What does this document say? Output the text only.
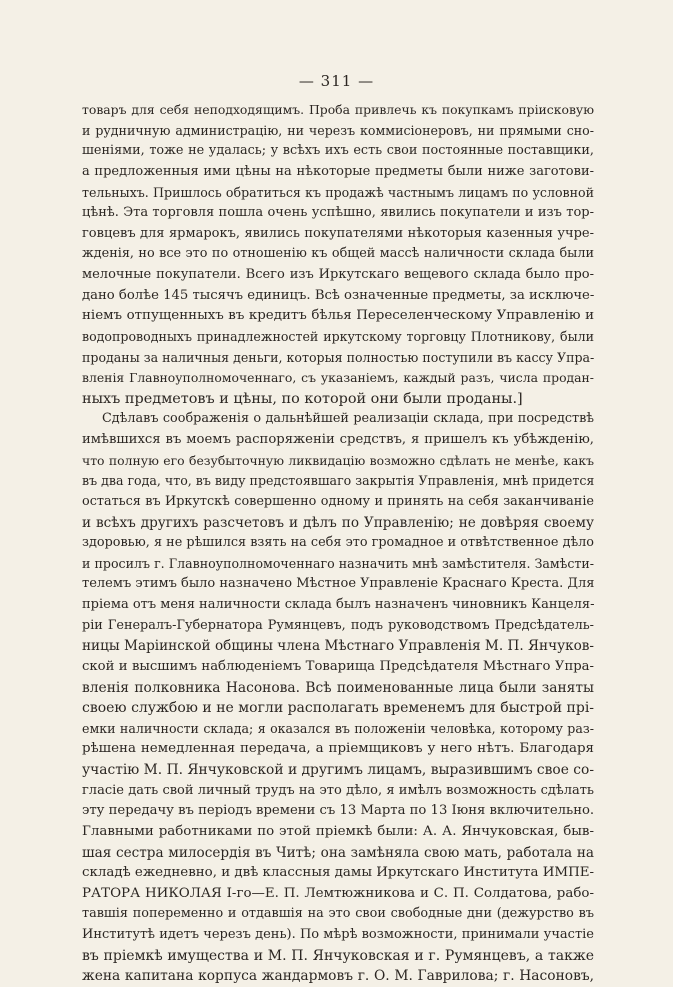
— 311 —
товаръ для себя неподходящимъ. Проба привлечь къ покупкамъ прiисковую
и рудничную администрацiю, ни черезъ коммисiонеровъ, ни прямыми сно-
шенiями, тоже не удалась; у всѣхъ ихъ есть свои постоянные поставщики,
а предложенныя ими цѣны на нѣкоторые предметы были ниже заготови-
тельныхъ. Пришлось обратиться къ продажѣ частнымъ лицамъ по условной
цѣнѣ. Эта торговля пошла очень успѣшно, явились покупатели и изъ тор-
говцевъ для ярмарокъ, явились покупателями нѣкоторыя казенныя учре-
жденiя, но все это по отношенiю къ общей массѣ наличности склада были
мелочные покупатели. Всего изъ Иркутскаго вещевого склада было про-
дано болѣе 145 тысячъ единицъ. Всѣ означенные предметы, за исключе-
нiемъ отпущенныхъ въ кредитъ бѣлья Переселенческому Управленiю и
водопроводныхъ принадлежностей иркутскому торговцу Плотникову, были
проданы за наличныя деньги, которыя полностью поступили въ кассу Упра-
вленiя Главноуполномоченнаго, съ указанiемъ, каждый разъ, числа продан-
ныхъ предметовъ и цѣны, по которой они были проданы.]
Сдѣлавъ соображенiя о дальнѣйшей реализацiи склада, при посредствѣ
имѣвшихся въ моемъ распоряженiи средствъ, я пришелъ къ убѣжденiю,
что полную его безубыточную ликвидацiю возможно сдѣлать не менѣе, какъ
въ два года, что, въ виду предстоявшаго закрытiя Управленiя, мнѣ придется
остаться въ Иркутскѣ совершенно одному и принять на себя заканчиванiе
и всѣхъ другихъ разсчетовъ и дѣлъ по Управленiю; не довѣряя своему
здоровью, я не рѣшился взять на себя это громадное и отвѣтственное дѣло
и просилъ г. Главноуполномоченнаго назначить мнѣ замѣстителя. Замѣсти-
телемъ этимъ было назначено Мѣстное Управленiе Краснаго Креста. Для
прiема отъ меня наличности склада былъ назначенъ чиновникъ Канцеля-
рiи Генералъ-Губернатора Румянцевъ, подъ руководствомъ Предсѣдатель-
ницы Марiинской общины члена Мѣстнаго Управленiя М. П. Янчуков-
ской и высшимъ наблюденiемъ Товарища Предсѣдателя Мѣстнаго Упра-
вленiя полковника Насонова. Всѣ поименованные лица были заняты
своею службою и не могли располагать временемъ для быстрой прi-
емки наличности склада; я оказался въ положенiи человѣка, которому раз-
рѣшена немедленная передача, а прiемщиковъ у него нѣтъ. Благодаря
участiю М. П. Янчуковской и другимъ лицамъ, выразившимъ свое со-
гласiе дать свой личный трудъ на это дѣло, я имѣлъ возможность сдѣлать
эту передачу въ перiодъ времени съ 13 Марта по 13 Iюня включительно.
Главными работниками по этой прiемкѣ были: А. А. Янчуковская, быв-
шая сестра милосердiя въ Читѣ; она замѣняла свою мать, работала на
складѣ ежедневно, и двѣ классныя дамы Иркутскаго Института ИМПЕ-
РАТОРА НИКОЛАЯ I-го—Е. П. Лемтюжникова и С. П. Солдатова, рабо-
тавшiя попеременно и отдавшiя на это свои свободные дни (дежурство въ
Институтѣ идетъ черезъ день). По мѣрѣ возможности, принимали участiе
въ прiемкѣ имущества и М. П. Янчуковская и г. Румянцевъ, а также
жена капитана корпуса жандармовъ г. О. М. Гаврилова; г. Насоновъ,
